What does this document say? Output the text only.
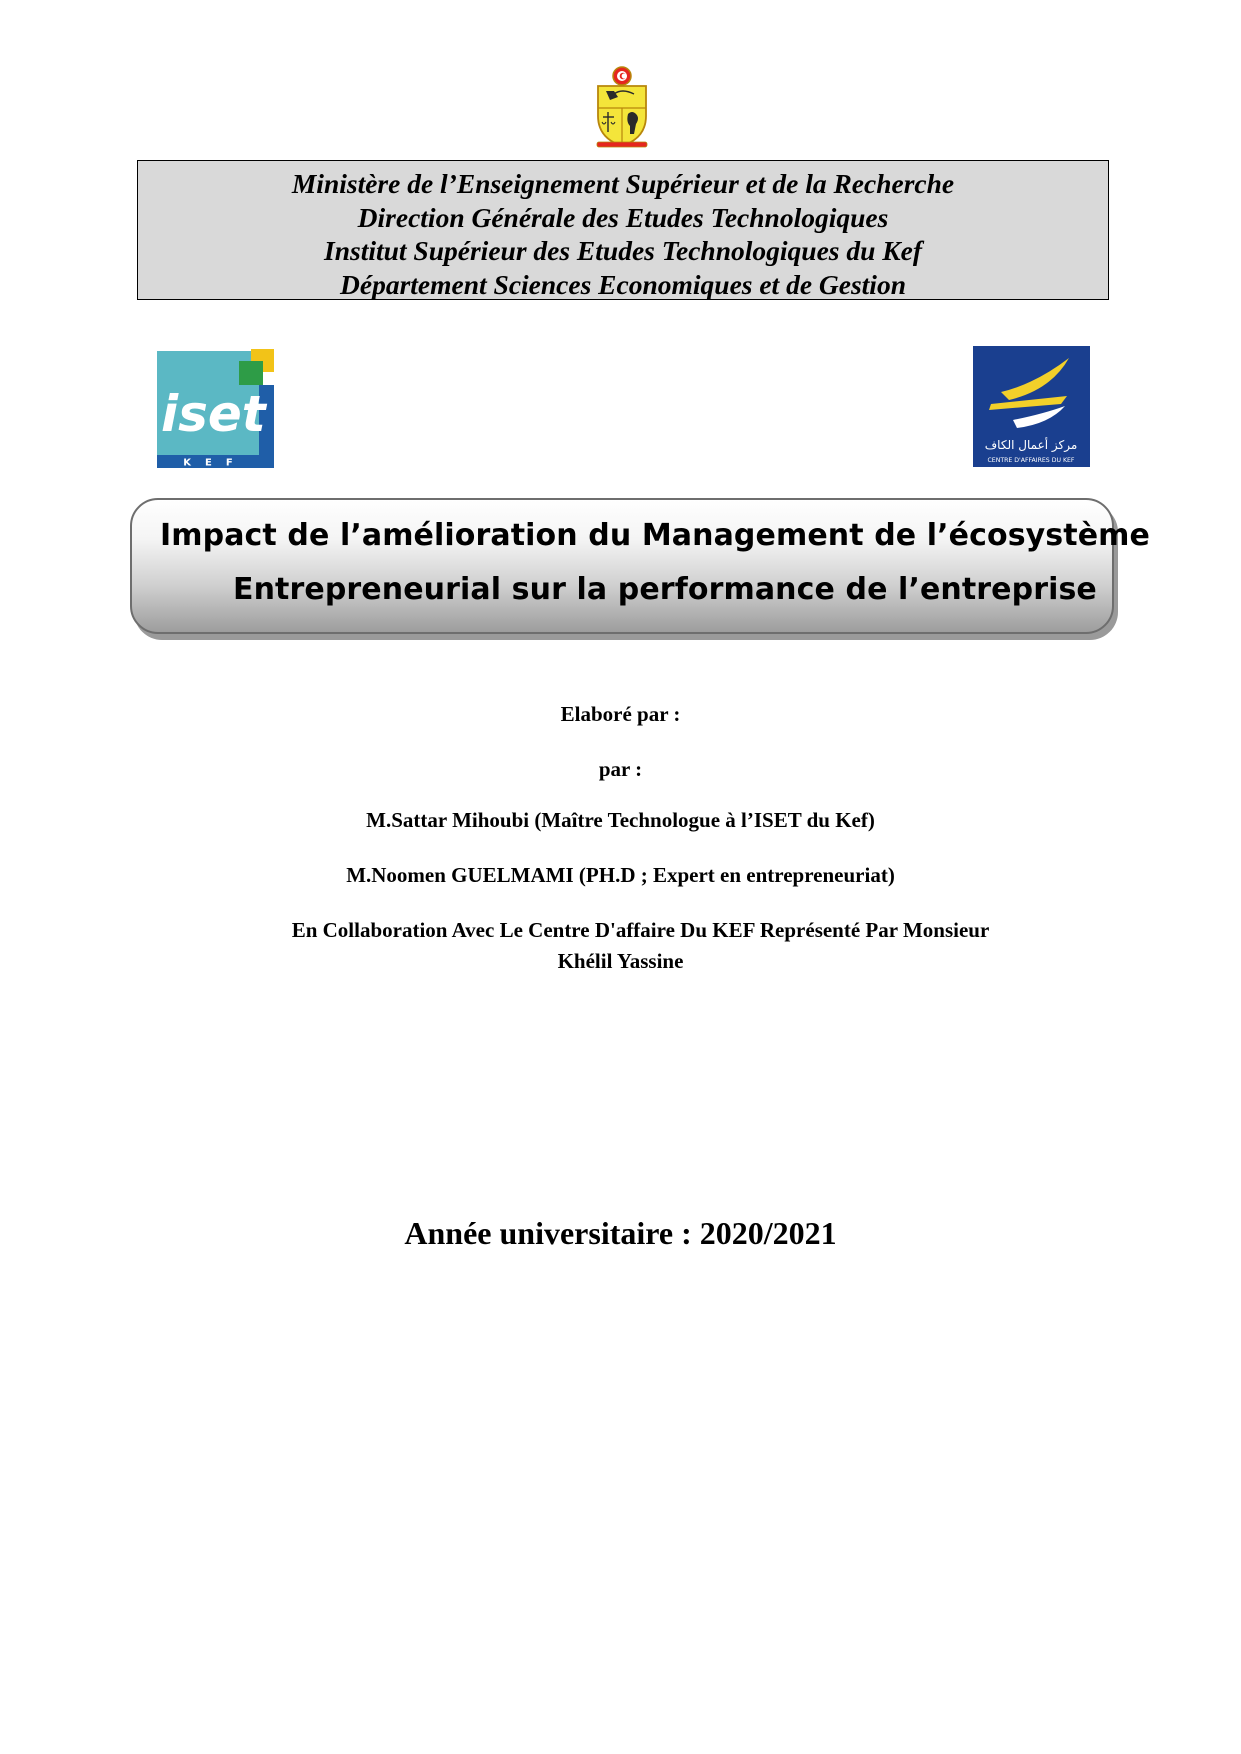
Ministère de l’Enseignement Supérieur et de la Recherche
Direction Générale des Etudes Technologiques
Institut Supérieur des Etudes Technologiques du Kef
Département Sciences Economiques et de Gestion
iset
KEF
مركز أعمال الكاف
CENTRE D'AFFAIRES DU KEF
Impact de l’amélioration du Management de l’écosystème
Entrepreneurial sur la performance de l’entreprise
Elaboré par :
par :
M.Sattar Mihoubi (Maître Technologue à l’ISET du Kef)
M.Noomen GUELMAMI (PH.D ; Expert en entrepreneuriat)
En Collaboration Avec Le Centre D'affaire Du KEF Représenté Par Monsieur
Khélil Yassine
Année universitaire : 2020/2021
